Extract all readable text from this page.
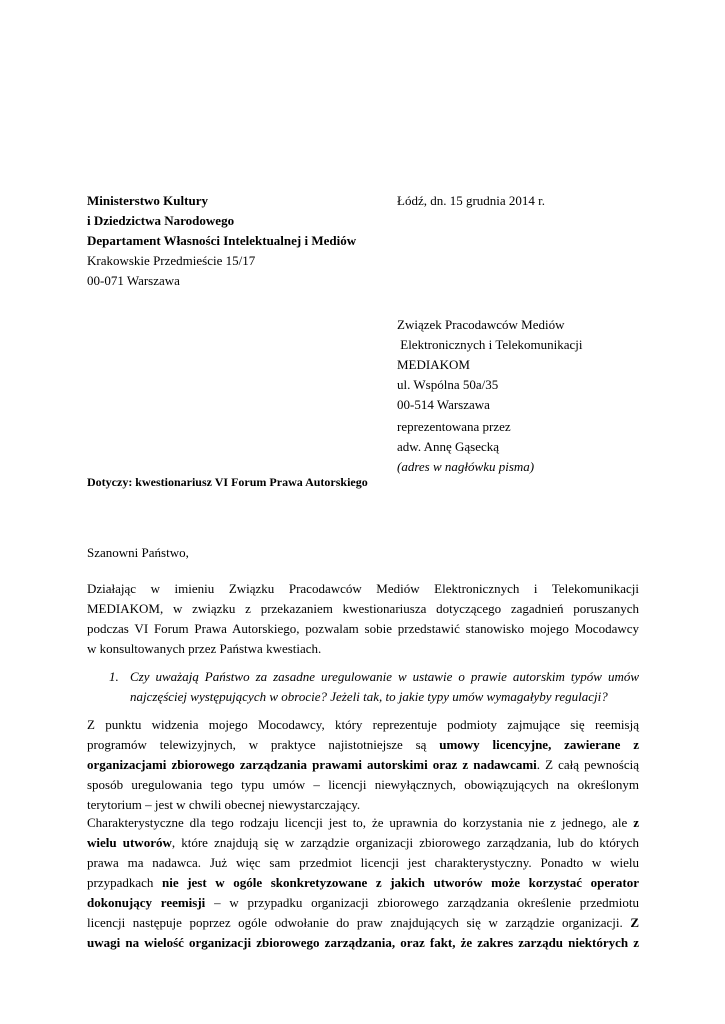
Ministerstwo Kultury
i Dziedzictwa Narodowego
Departament Własności Intelektualnej i Mediów
Krakowskie Przedmieście 15/17
00-071 Warszawa
Łódź, dn. 15 grudnia 2014 r.
Związek Pracodawców Mediów
Elektronicznych i Telekomunikacji
MEDIAKOM
ul. Wspólna 50a/35
00-514 Warszawa
reprezentowana przez
adw. Annę Gąsecką
(adres w nagłówku pisma)
Dotyczy: kwestionariusz VI Forum Prawa Autorskiego
Szanowni Państwo,

Działając w imieniu Związku Pracodawców Mediów Elektronicznych i Telekomunikacji

MEDIAKOM, w związku z przekazaniem kwestionariusza dotyczącego zagadnień poruszanych

podczas VI Forum Prawa Autorskiego, pozwalam sobie przedstawić stanowisko mojego Mocodawcy

w konsultowanych przez Państwa kwestiach.

1. Czy uważają Państwo za zasadne uregulowanie w ustawie o prawie autorskim typów umów

najczęściej występujących w obrocie? Jeżeli tak, to jakie typy umów wymagałyby regulacji?

Z punktu widzenia mojego Mocodawcy, który reprezentuje podmioty zajmujące się reemisją

programów telewizyjnych, w praktyce najistotniejsze są umowy licencyjne, zawierane z

organizacjami zbiorowego zarządzania prawami autorskimi oraz z nadawcami. Z całą pewnością

sposób uregulowania tego typu umów – licencji niewyłącznych, obowiązujących na określonym

terytorium – jest w chwili obecnej niewystarczający.

Charakterystyczne dla tego rodzaju licencji jest to, że uprawnia do korzystania nie z jednego, ale z

wielu utworów, które znajdują się w zarządzie organizacji zbiorowego zarządzania, lub do których

prawa ma nadawca. Już więc sam przedmiot licencji jest charakterystyczny. Ponadto w wielu

przypadkach nie jest w ogóle skonkretyzowane z jakich utworów może korzystać operator

dokonujący reemisji – w przypadku organizacji zbiorowego zarządzania określenie przedmiotu

licencji następuje poprzez ogóle odwołanie do praw znajdujących się w zarządzie organizacji. Z

uwagi na wielość organizacji zbiorowego zarządzania, oraz fakt, że zakres zarządu niektórych z
